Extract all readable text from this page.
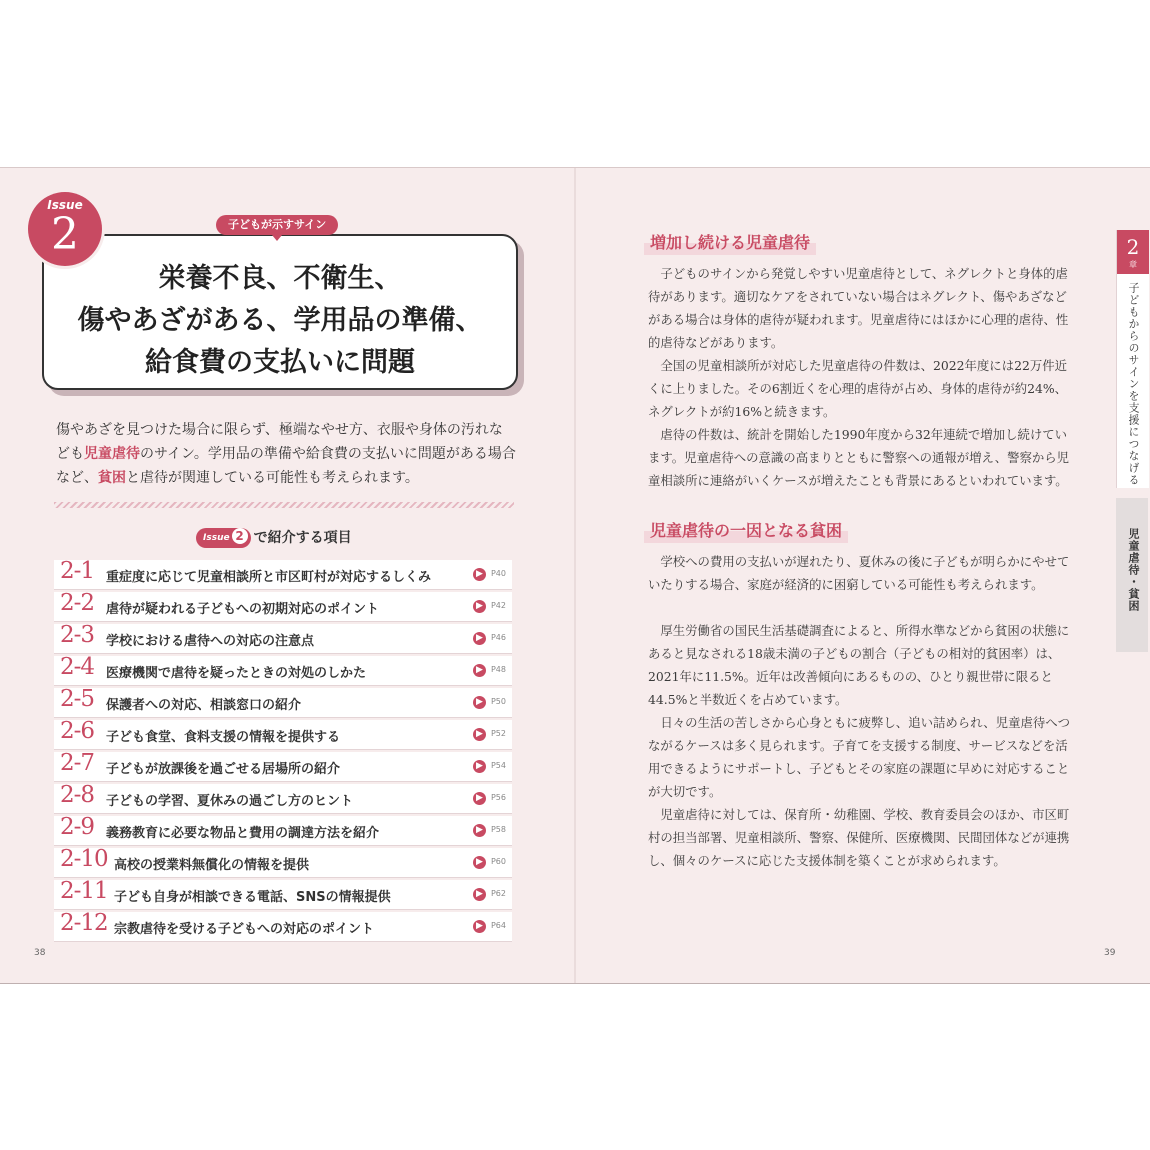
Issue
2	子どもが示すサイン
栄養不良、不衛生、
傷やあざがある、学用品の準備、
給食費の支払いに問題
傷やあざを見つけた場合に限らず、極端なやせ方、衣服や身体の汚れなども児童虐待のサイン。学用品の準備や給食費の支払いに問題がある場合など、貧困と虐待が関連している可能性も考えられます。
Issue 2 で紹介する項目
2-1 重症度に応じて児童相談所と市区町村が対応するしくみ	▶	P40
2-2 虐待が疑われる子どもへの初期対応のポイント	▶	P42
2-3 学校における虐待への対応の注意点	▶	P46
2-4 医療機関で虐待を疑ったときの対処のしかた	▶	P48
2-5 保護者への対応、相談窓口の紹介	▶	P50
2-6 子ども食堂、食料支援の情報を提供する	▶	P52
2-7 子どもが放課後を過ごせる居場所の紹介	▶	P54
2-8 子どもの学習、夏休みの過ごし方のヒント	▶	P56
2-9 義務教育に必要な物品と費用の調達方法を紹介	▶	P58
2-10 高校の授業料無償化の情報を提供	▶	P60
2-11 子ども自身が相談できる電話、SNSの情報提供	▶	P62
2-12 宗教虐待を受ける子どもへの対応のポイント	▶	P64
38
増加し続ける児童虐待

子どものサインから発覚しやすい児童虐待として、ネグレクトと身体的虐待があります。適切なケアをされていない場合はネグレクト、傷やあざなどがある場合は身体的虐待が疑われます。児童虐待にはほかに心理的虐待、性的虐待などがあります。

全国の児童相談所が対応した児童虐待の件数は、2022年度には22万件近くに上りました。その6割近くを心理的虐待が占め、身体的虐待が約24%、ネグレクトが約16%と続きます。

虐待の件数は、統計を開始した1990年度から32年連続で増加し続けています。児童虐待への意識の高まりとともに警察への通報が増え、警察から児童相談所に連絡がいくケースが増えたことも背景にあるといわれています。

児童虐待の一因となる貧困

学校への費用の支払いが遅れたり、夏休みの後に子どもが明らかにやせていたりする場合、家庭が経済的に困窮している可能性も考えられます。

厚生労働省の国民生活基礎調査によると、所得水準などから貧困の状態にあると見なされる18歳未満の子どもの割合（子どもの相対的貧困率）は、2021年に11.5%。近年は改善傾向にあるものの、ひとり親世帯に限ると44.5%と半数近くを占めています。

日々の生活の苦しさから心身ともに疲弊し、追い詰められ、児童虐待へつながるケースは多く見られます。子育てを支援する制度、サービスなどを活用できるようにサポートし、子どもとその家庭の課題に早めに対応することが大切です。

児童虐待に対しては、保育所・幼稚園、学校、教育委員会のほか、市区町村の担当部署、児童相談所、警察、保健所、医療機関、民間団体などが連携し、個々のケースに応じた支援体制を築くことが求められます。

2
章
子どもからのサインを支援につなげる
児童虐待・貧困
39
